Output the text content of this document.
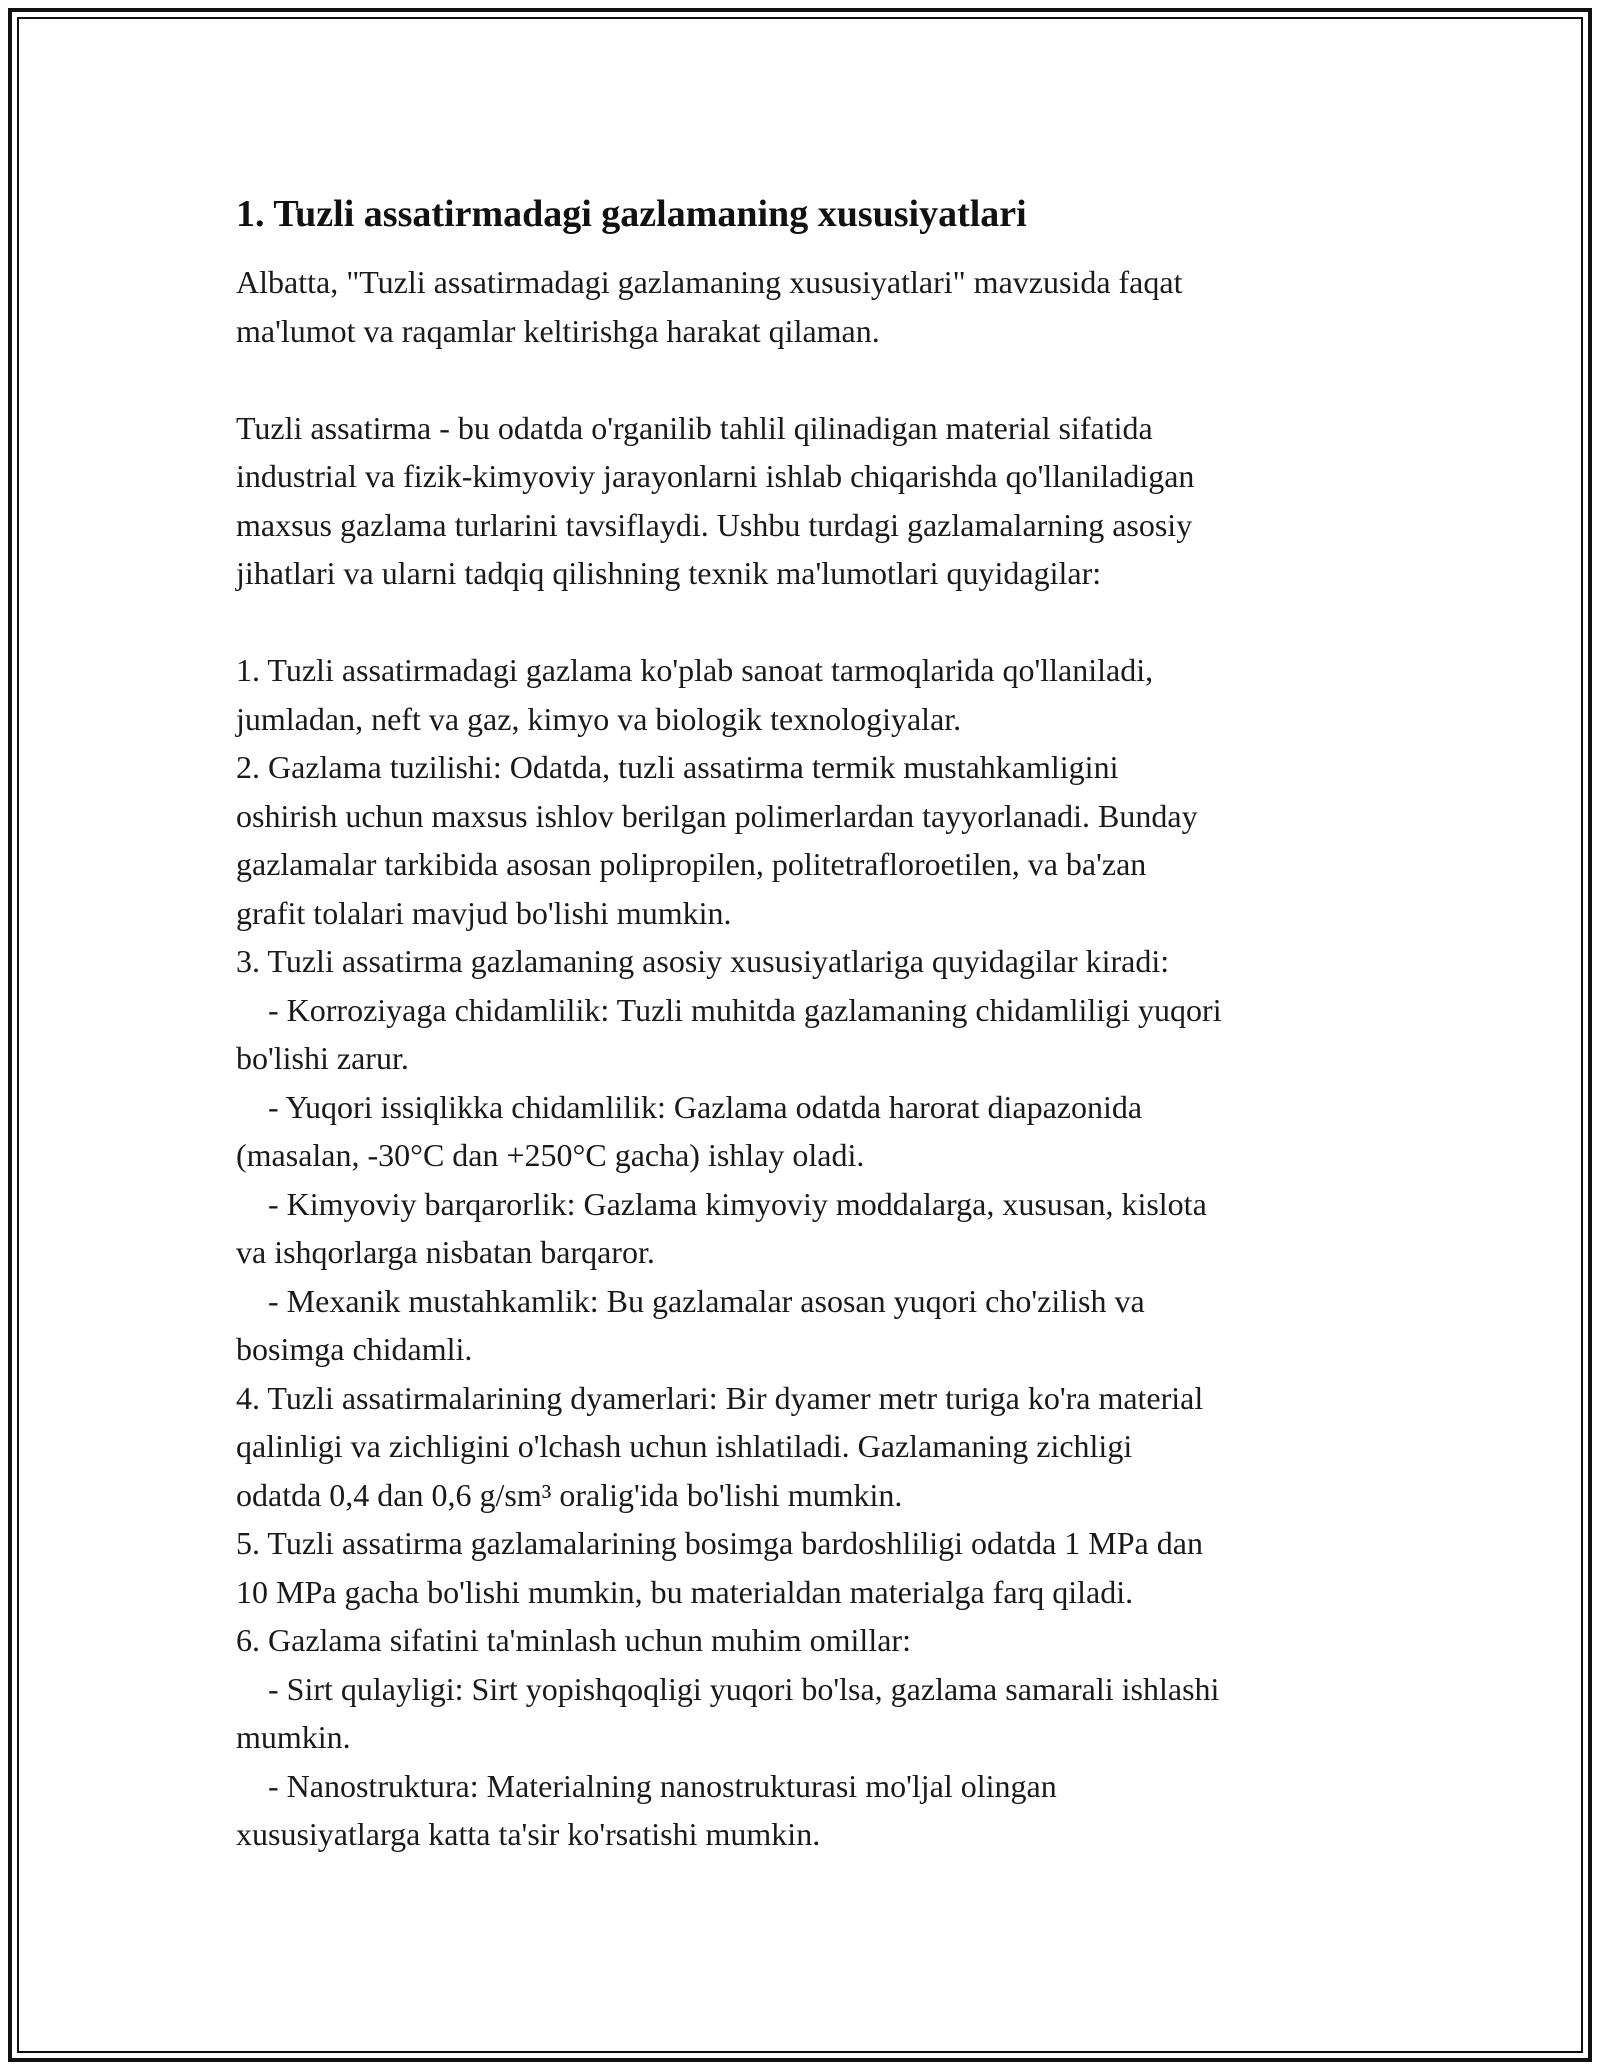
1. Tuzli assatirmadagi gazlamaning xususiyatlari

Albatta, "Tuzli assatirmadagi gazlamaning xususiyatlari" mavzusida faqat

ma'lumot va raqamlar keltirishga harakat qilaman.

Tuzli assatirma - bu odatda o'rganilib tahlil qilinadigan material sifatida

industrial va fizik-kimyoviy jarayonlarni ishlab chiqarishda qo'llaniladigan

maxsus gazlama turlarini tavsiflaydi. Ushbu turdagi gazlamalarning asosiy

jihatlari va ularni tadqiq qilishning texnik ma'lumotlari quyidagilar:

1. Tuzli assatirmadagi gazlama ko'plab sanoat tarmoqlarida qo'llaniladi,

jumladan, neft va gaz, kimyo va biologik texnologiyalar.

2. Gazlama tuzilishi: Odatda, tuzli assatirma termik mustahkamligini

oshirish uchun maxsus ishlov berilgan polimerlardan tayyorlanadi. Bunday

gazlamalar tarkibida asosan polipropilen, politetrafloroetilen, va ba'zan

grafit tolalari mavjud bo'lishi mumkin.

3. Tuzli assatirma gazlamaning asosiy xususiyatlariga quyidagilar kiradi:

- Korroziyaga chidamlilik: Tuzli muhitda gazlamaning chidamliligi yuqori

bo'lishi zarur.

- Yuqori issiqlikka chidamlilik: Gazlama odatda harorat diapazonida

(masalan, -30°C dan +250°C gacha) ishlay oladi.

- Kimyoviy barqarorlik: Gazlama kimyoviy moddalarga, xususan, kislota

va ishqorlarga nisbatan barqaror.

- Mexanik mustahkamlik: Bu gazlamalar asosan yuqori cho'zilish va

bosimga chidamli.

4. Tuzli assatirmalarining dyamerlari: Bir dyamer metr turiga ko'ra material

qalinligi va zichligini o'lchash uchun ishlatiladi. Gazlamaning zichligi

odatda 0,4 dan 0,6 g/sm³ oralig'ida bo'lishi mumkin.

5. Tuzli assatirma gazlamalarining bosimga bardoshliligi odatda 1 MPa dan

10 MPa gacha bo'lishi mumkin, bu materialdan materialga farq qiladi.

6. Gazlama sifatini ta'minlash uchun muhim omillar:

- Sirt qulayligi: Sirt yopishqoqligi yuqori bo'lsa, gazlama samarali ishlashi

mumkin.

- Nanostruktura: Materialning nanostrukturasi mo'ljal olingan

xususiyatlarga katta ta'sir ko'rsatishi mumkin.
